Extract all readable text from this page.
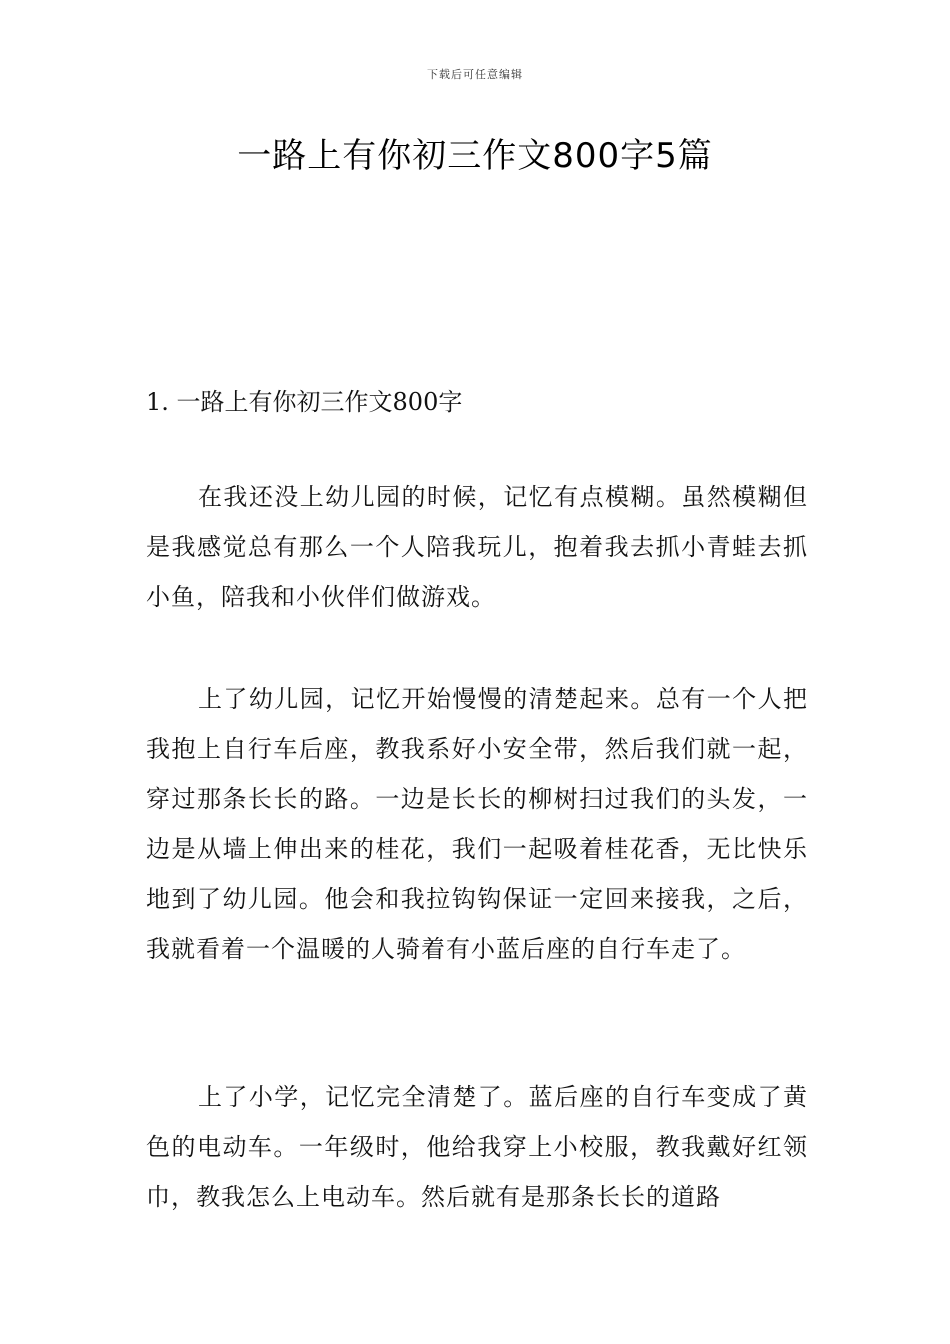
下载后可任意编辑
一路上有你初三作文800字5篇
1. 一路上有你初三作文800字

在我还没上幼儿园的时候，记忆有点模糊。虽然模糊但是我感觉总有那么一个人陪我玩儿，抱着我去抓小青蛙去抓小鱼，陪我和小伙伴们做游戏。

上了幼儿园，记忆开始慢慢的清楚起来。总有一个人把我抱上自行车后座，教我系好小安全带，然后我们就一起，穿过那条长长的路。一边是长长的柳树扫过我们的头发，一边是从墙上伸出来的桂花，我们一起吸着桂花香，无比快乐地到了幼儿园。他会和我拉钩钩保证一定回来接我，之后，我就看着一个温暖的人骑着有小蓝后座的自行车走了。

上了小学，记忆完全清楚了。蓝后座的自行车变成了黄色的电动车。一年级时，他给我穿上小校服，教我戴好红领巾，教我怎么上电动车。然后就有是那条长长的道路
